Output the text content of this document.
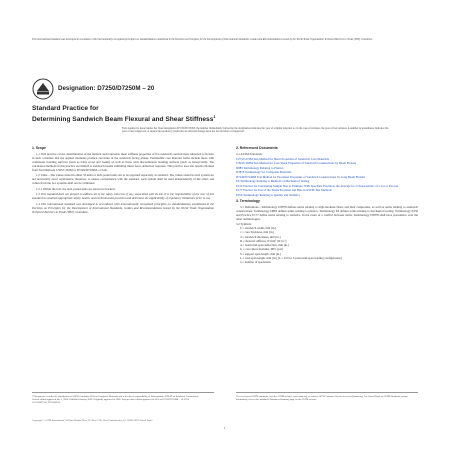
This international standard was developed in accordance with internationally recognized principles on standardization established in the Decision on Principles for the Development of International Standards, Guides and Recommendations issued by the World Trade Organization Technical Barriers to Trade (TBT) Committee.
Designation: D7250/D7250M – 20
Standard Practice for
Determining Sandwich Beam Flexural and Shear Stiffness$^1$
This standard is issued under the fixed designation D7250/D7250M; the number immediately following the designation indicates the year of original adoption or, in the case of revision, the year of last revision. A number in parentheses indicates the year of last reapproval. A superscript epsilon (ε) indicates an editorial change since the last revision or reapproval.
1. Scope

1.1 This practice covers determination of the flexural and transverse shear stiffness properties of flat sandwich constructions subjected to flexure in such a manner that the applied moments produce curvature of the sandwich facing planes. Permissible core material forms include those with continuous bonding surfaces (such as balsa wood and foams) as well as those with discontinuous bonding surfaces (such as honeycomb). The calculation methods in this practice are limited to sandwich beams exhibiting linear force-deflection response. This practice uses test results obtained from Test Methods C393/C393M or D7249/D7249M, or both.

1.2 Units—The values stated in either SI units or inch-pound units are to be regarded separately as standard. The values stated in each system are not necessarily exact equivalents; therefore, to ensure conformance with the standard, each system shall be used independently of the other, and values from the two systems shall not be combined.

1.2.1 Within the text, the inch-pound units are shown in brackets.

1.3 This standard does not purport to address all of the safety concerns, if any, associated with its use. It is the responsibility of the user of this standard to establish appropriate safety, health, and environmental practices and determine the applicability of regulatory limitations prior to use.

1.4 This international standard was developed in accordance with internationally recognized principles on standardization established in the Decision on Principles for the Development of International Standards, Guides and Recommendations issued by the World Trade Organization Technical Barriers to Trade (TBT) Committee.

2. Referenced Documents
2.1 ASTM Standards:
C273/C273M Test Method for Shear Properties of Sandwich Core Materials
C393/C393M Test Method for Core Shear Properties of Sandwich Constructions by Beam Flexure
D883 Terminology Relating to Plastics
D3878 Terminology for Composite Materials
D7249/D7249M Test Method for Facesheet Properties of Sandwich Constructions by Long Beam Flexure
E6 Terminology Relating to Methods of Mechanical Testing
E122 Practice for Calculating Sample Size to Estimate, With Specified Precision, the Average for a Characteristic of a Lot or Process
E177 Practice for Use of the Terms Precision and Bias in ASTM Test Methods
E456 Terminology Relating to Quality and Statistics
3. Terminology

3.1 Definitions—Terminology D3878 defines terms relating to high-modulus fibers and their composites, as well as terms relating to sandwich constructions. Terminology D883 defines terms relating to plastics. Terminology E6 defines terms relating to mechanical testing. Terminology E456 and Practice E177 define terms relating to statistics. In the event of a conflict between terms, Terminology D3878 shall have precedence over the other terminologies.

3.2 Symbols:
b = sandwich width, mm [in.]
c = core thickness, mm [in.]
d = sandwich thickness, mm [in.]
D = flexural stiffness, N·mm² [lb·in.²]
Δ = beam mid-span deflection, mm [in.]
G = core shear modulus, MPa [psi]
S = support span length, mm [in.]
L = load span length, mm [in.] (L = 0.0 for 3-point mid-span loading configuration)
n = number of specimens
¹ This practice is under the jurisdiction of ASTM Committee D30 on Composite Materials and is the direct responsibility of Subcommittee D30.09 on Sandwich Construction.
Current edition approved Jan. 1, 2020. Published January 2020. Originally approved in 2006. Last previous edition approved in 2016 as D7250/D7250M – 16. DOI: 10.1520/D7250_D7250M-20.
² For referenced ASTM standards, visit the ASTM website, www.astm.org, or contact ASTM Customer Service at service@astm.org. For Annual Book of ASTM Standards volume information, refer to the standard's Document Summary page on the ASTM website.
Copyright © ASTM International, 100 Barr Harbor Drive, PO Box C700, West Conshohocken, PA 19428-2959. United States
1
